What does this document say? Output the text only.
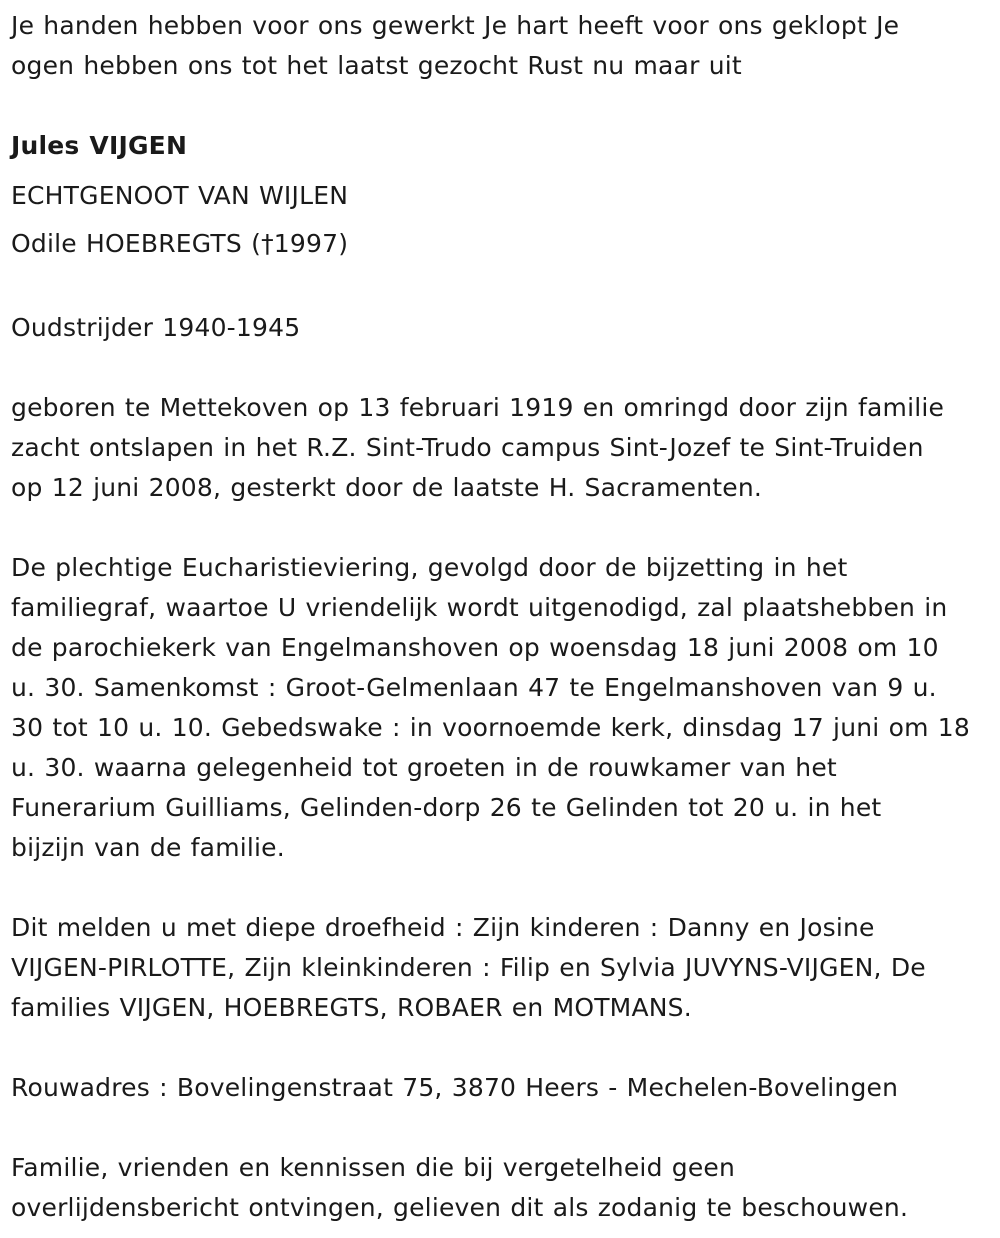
Je handen hebben voor ons gewerkt Je hart heeft voor ons geklopt Je
ogen hebben ons tot het laatst gezocht Rust nu maar uit

Jules VIJGEN

ECHTGENOOT VAN WIJLEN
Odile HOEBREGTS (†1997)

Oudstrijder 1940-1945

geboren te Mettekoven op 13 februari 1919 en omringd door zijn familie
zacht ontslapen in het R.Z. Sint-Trudo campus Sint-Jozef te Sint-Truiden
op 12 juni 2008, gesterkt door de laatste H. Sacramenten.

De plechtige Eucharistieviering, gevolgd door de bijzetting in het
familiegraf, waartoe U vriendelijk wordt uitgenodigd, zal plaatshebben in
de parochiekerk van Engelmanshoven op woensdag 18 juni 2008 om 10
u. 30. Samenkomst : Groot-Gelmenlaan 47 te Engelmanshoven van 9 u.
30 tot 10 u. 10. Gebedswake : in voornoemde kerk, dinsdag 17 juni om 18
u. 30. waarna gelegenheid tot groeten in de rouwkamer van het
Funerarium Guilliams, Gelinden-dorp 26 te Gelinden tot 20 u. in het
bijzijn van de familie.

Dit melden u met diepe droefheid : Zijn kinderen : Danny en Josine
VIJGEN-PIRLOTTE, Zijn kleinkinderen : Filip en Sylvia JUVYNS-VIJGEN, De
families VIJGEN, HOEBREGTS, ROBAER en MOTMANS.

Rouwadres : Bovelingenstraat 75, 3870 Heers - Mechelen-Bovelingen

Familie, vrienden en kennissen die bij vergetelheid geen
overlijdensbericht ontvingen, gelieven dit als zodanig te beschouwen.
